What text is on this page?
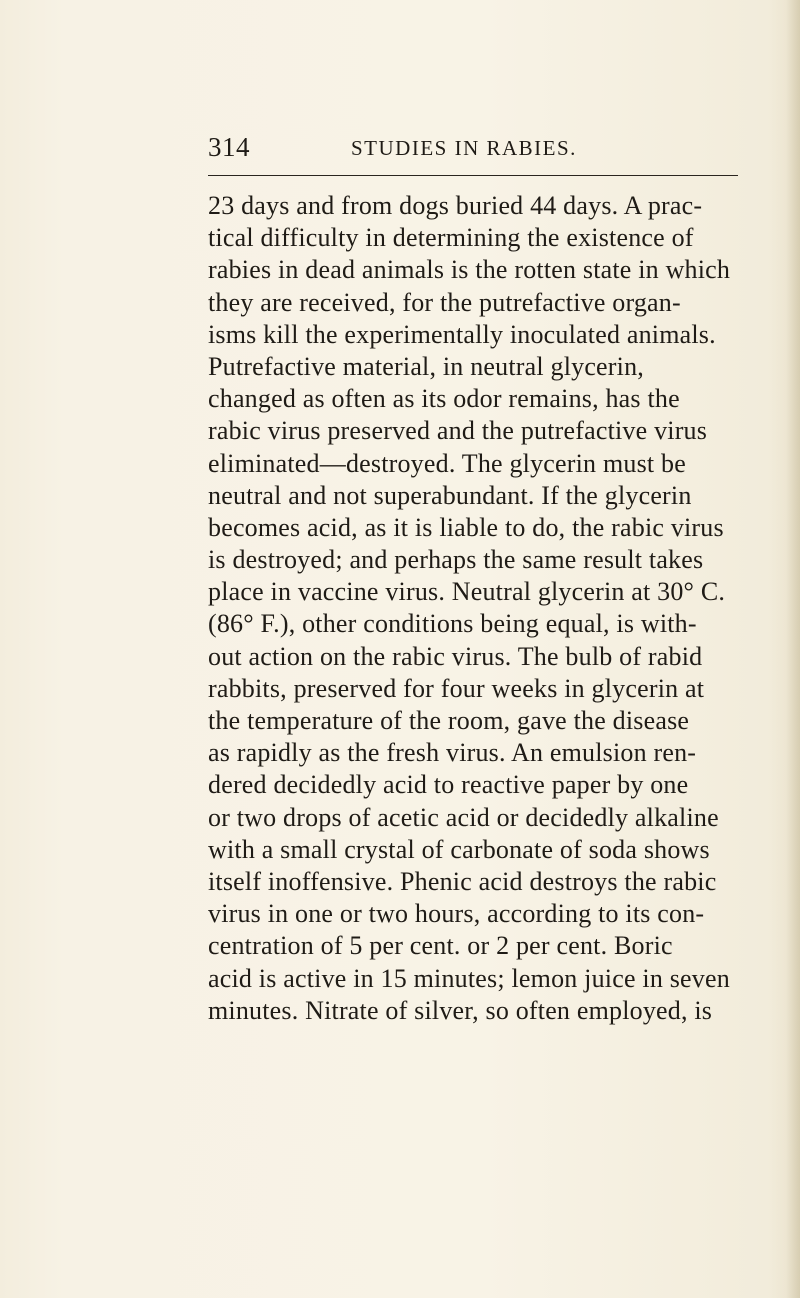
314	STUDIES IN RABIES.
23 days and from dogs buried 44 days. A prac-
tical difficulty in determining the existence of
rabies in dead animals is the rotten state in which
they are received, for the putrefactive organ-
isms kill the experimentally inoculated animals.
Putrefactive material, in neutral glycerin,
changed as often as its odor remains, has the
rabic virus preserved and the putrefactive virus
eliminated—destroyed. The glycerin must be
neutral and not superabundant. If the glycerin
becomes acid, as it is liable to do, the rabic virus
is destroyed; and perhaps the same result takes
place in vaccine virus. Neutral glycerin at 30° C.
(86° F.), other conditions being equal, is with-
out action on the rabic virus. The bulb of rabid
rabbits, preserved for four weeks in glycerin at
the temperature of the room, gave the disease
as rapidly as the fresh virus. An emulsion ren-
dered decidedly acid to reactive paper by one
or two drops of acetic acid or decidedly alkaline
with a small crystal of carbonate of soda shows
itself inoffensive. Phenic acid destroys the rabic
virus in one or two hours, according to its con-
centration of 5 per cent. or 2 per cent. Boric
acid is active in 15 minutes; lemon juice in seven
minutes. Nitrate of silver, so often employed, is
